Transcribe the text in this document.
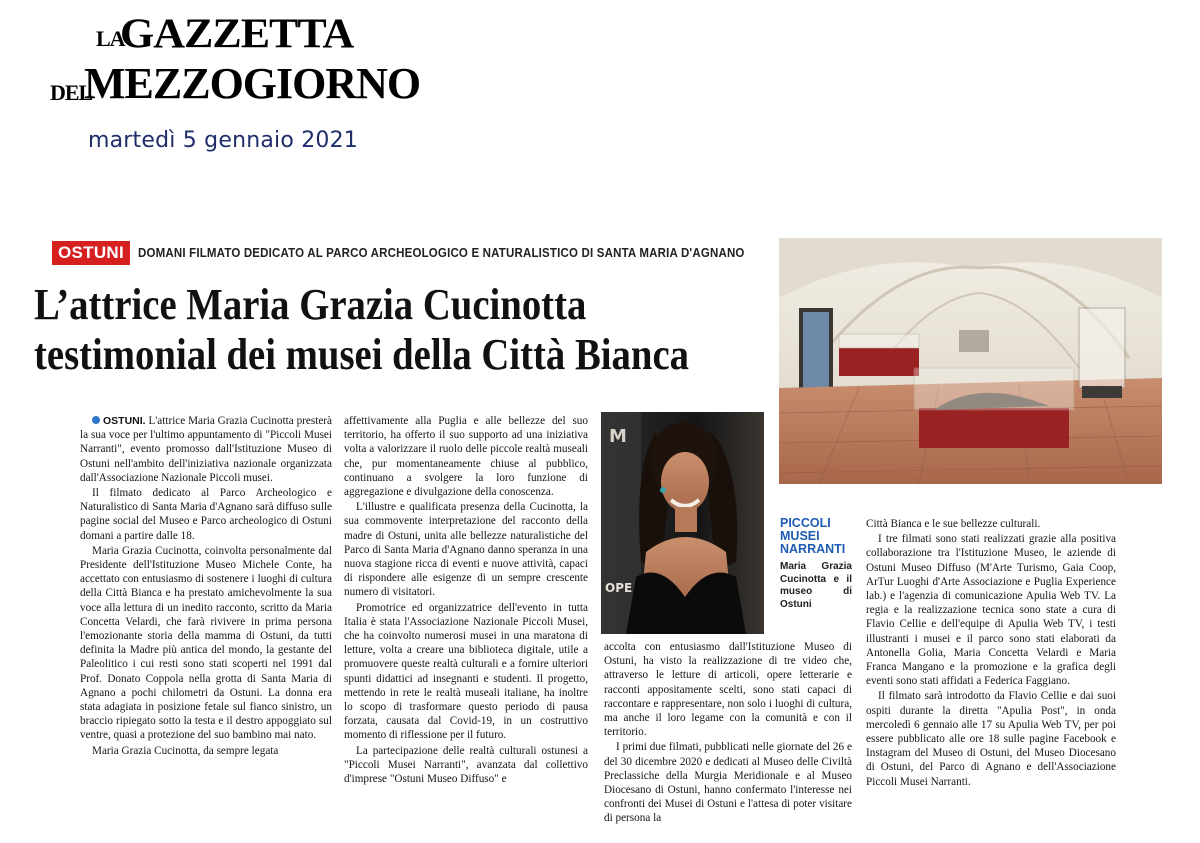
LA
GAZZETTA
DEL
MEZZOGIORNO
martedì 5 gennaio 2021
OSTUNI	DOMANI FILMATO DEDICATO AL PARCO ARCHEOLOGICO E NATURALISTICO DI SANTA MARIA D'AGNANO
L’attrice Maria Grazia Cucinotta
testimonial dei musei della Città Bianca

OSTUNI. L'attrice Maria Grazia Cucinotta presterà la sua voce per l'ultimo appuntamento di "Piccoli Musei Narranti", evento promosso dall'Istituzione Museo di Ostuni nell'ambito dell'iniziativa nazionale organizzata dall'Associazione Nazionale Piccoli musei.

Il filmato dedicato al Parco Archeologico e Naturalistico di Santa Maria d'Agnano sarà diffuso sulle pagine social del Museo e Parco archeologico di Ostuni domani a partire dalle 18.

Maria Grazia Cucinotta, coinvolta personalmente dal Presidente dell'Istituzione Museo Michele Conte, ha accettato con entusiasmo di sostenere i luoghi di cultura della Città Bianca e ha prestato amichevolmente la sua voce alla lettura di un inedito racconto, scritto da Maria Concetta Velardi, che farà rivivere in prima persona l'emozionante storia della mamma di Ostuni, da tutti definita la Madre più antica del mondo, la gestante del Paleolitico i cui resti sono stati scoperti nel 1991 dal Prof. Donato Coppola nella grotta di Santa Maria di Agnano a pochi chilometri da Ostuni. La donna era stata adagiata in posizione fetale sul fianco sinistro, un braccio ripiegato sotto la testa e il destro appoggiato sul ventre, quasi a protezione del suo bambino mai nato.

Maria Grazia Cucinotta, da sempre legata

affettivamente alla Puglia e alle bellezze del suo territorio, ha offerto il suo supporto ad una iniziativa volta a valorizzare il ruolo delle piccole realtà museali che, pur momentaneamente chiuse al pubblico, continuano a svolgere la loro funzione di aggregazione e divulgazione della conoscenza.

L'illustre e qualificata presenza della Cucinotta, la sua commovente interpretazione del racconto della madre di Ostuni, unita alle bellezze naturalistiche del Parco di Santa Maria d'Agnano danno speranza in una nuova stagione ricca di eventi e nuove attività, capaci di rispondere alle esigenze di un sempre crescente numero di visitatori.

Promotrice ed organizzatrice dell'evento in tutta Italia è stata l'Associazione Nazionale Piccoli Musei, che ha coinvolto numerosi musei in una maratona di letture, volta a creare una biblioteca digitale, utile a promuovere queste realtà culturali e a fornire ulteriori spunti didattici ad insegnanti e studenti. Il progetto, mettendo in rete le realtà museali italiane, ha inoltre lo scopo di trasformare questo periodo di pausa forzata, causata dal Covid-19, in un costruttivo momento di riflessione per il futuro.

La partecipazione delle realtà culturali ostunesi a "Piccoli Musei Narranti", avanzata dal collettivo d'imprese "Ostuni Museo Diffuso" e

M
OPE
PICCOLI
MUSEI
NARRANTI
Maria Grazia Cucinotta e il museo di Ostuni

accolta con entusiasmo dall'Istituzione Museo di Ostuni, ha visto la realizzazione di tre video che, attraverso le letture di articoli, opere letterarie e racconti appositamente scelti, sono stati capaci di raccontare e rappresentare, non solo i luoghi di cultura, ma anche il loro legame con la comunità e con il territorio.

I primi due filmati, pubblicati nelle giornate del 26 e del 30 dicembre 2020 e dedicati al Museo delle Civiltà Preclassiche della Murgia Meridionale e al Museo Diocesano di Ostuni, hanno confermato l'interesse nei confronti dei Musei di Ostuni e l'attesa di poter visitare di persona la

Città Bianca e le sue bellezze culturali.

I tre filmati sono stati realizzati grazie alla positiva collaborazione tra l'Istituzione Museo, le aziende di Ostuni Museo Diffuso (M'Arte Turismo, Gaia Coop, ArTur Luoghi d'Arte Associazione e Puglia Experience lab.) e l'agenzia di comunicazione Apulia Web TV. La regia e la realizzazione tecnica sono state a cura di Flavio Cellie e dell'equipe di Apulia Web TV, i testi illustranti i musei e il parco sono stati elaborati da Antonella Golia, Maria Concetta Velardi e Maria Franca Mangano e la promozione e la grafica degli eventi sono stati affidati a Federica Faggiano.

Il filmato sarà introdotto da Flavio Cellie e dai suoi ospiti durante la diretta "Apulia Post", in onda mercoledì 6 gennaio alle 17 su Apulia Web TV, per poi essere pubblicato alle ore 18 sulle pagine Facebook e Instagram del Museo di Ostuni, del Museo Diocesano di Ostuni, del Parco di Agnano e dell'Associazione Piccoli Musei Narranti.
